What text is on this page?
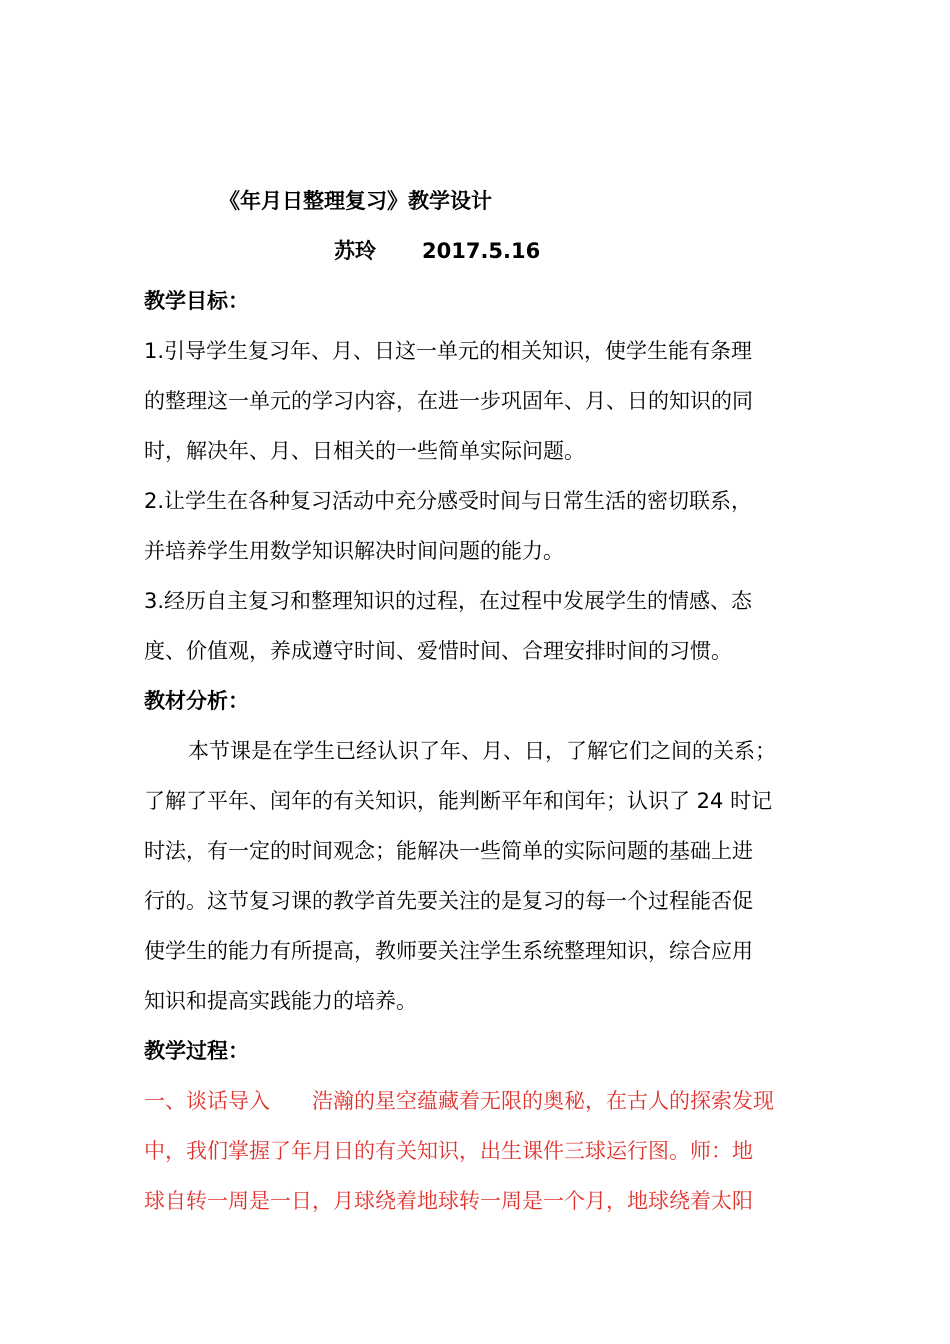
《年月日整理复习》教学设计
苏玲 2017.5.16
教学目标：
1.引导学生复习年、月、日这一单元的相关知识，使学生能有条理
的整理这一单元的学习内容，在进一步巩固年、月、日的知识的同
时，解决年、月、日相关的一些简单实际问题。
2.让学生在各种复习活动中充分感受时间与日常生活的密切联系，
并培养学生用数学知识解决时间问题的能力。
3.经历自主复习和整理知识的过程，在过程中发展学生的情感、态
度、价值观，养成遵守时间、爱惜时间、合理安排时间的习惯。
教材分析：
本节课是在学生已经认识了年、月、日，了解它们之间的关系；
了解了平年、闰年的有关知识，能判断平年和闰年；认识了 24 时记
时法，有一定的时间观念；能解决一些简单的实际问题的基础上进
行的。这节复习课的教学首先要关注的是复习的每一个过程能否促
使学生的能力有所提高，教师要关注学生系统整理知识，综合应用
知识和提高实践能力的培养。
教学过程：
一、谈话导入　　浩瀚的星空蕴藏着无限的奥秘，在古人的探索发现
中，我们掌握了年月日的有关知识，出生课件三球运行图。师：地
球自转一周是一日，月球绕着地球转一周是一个月，地球绕着太阳
